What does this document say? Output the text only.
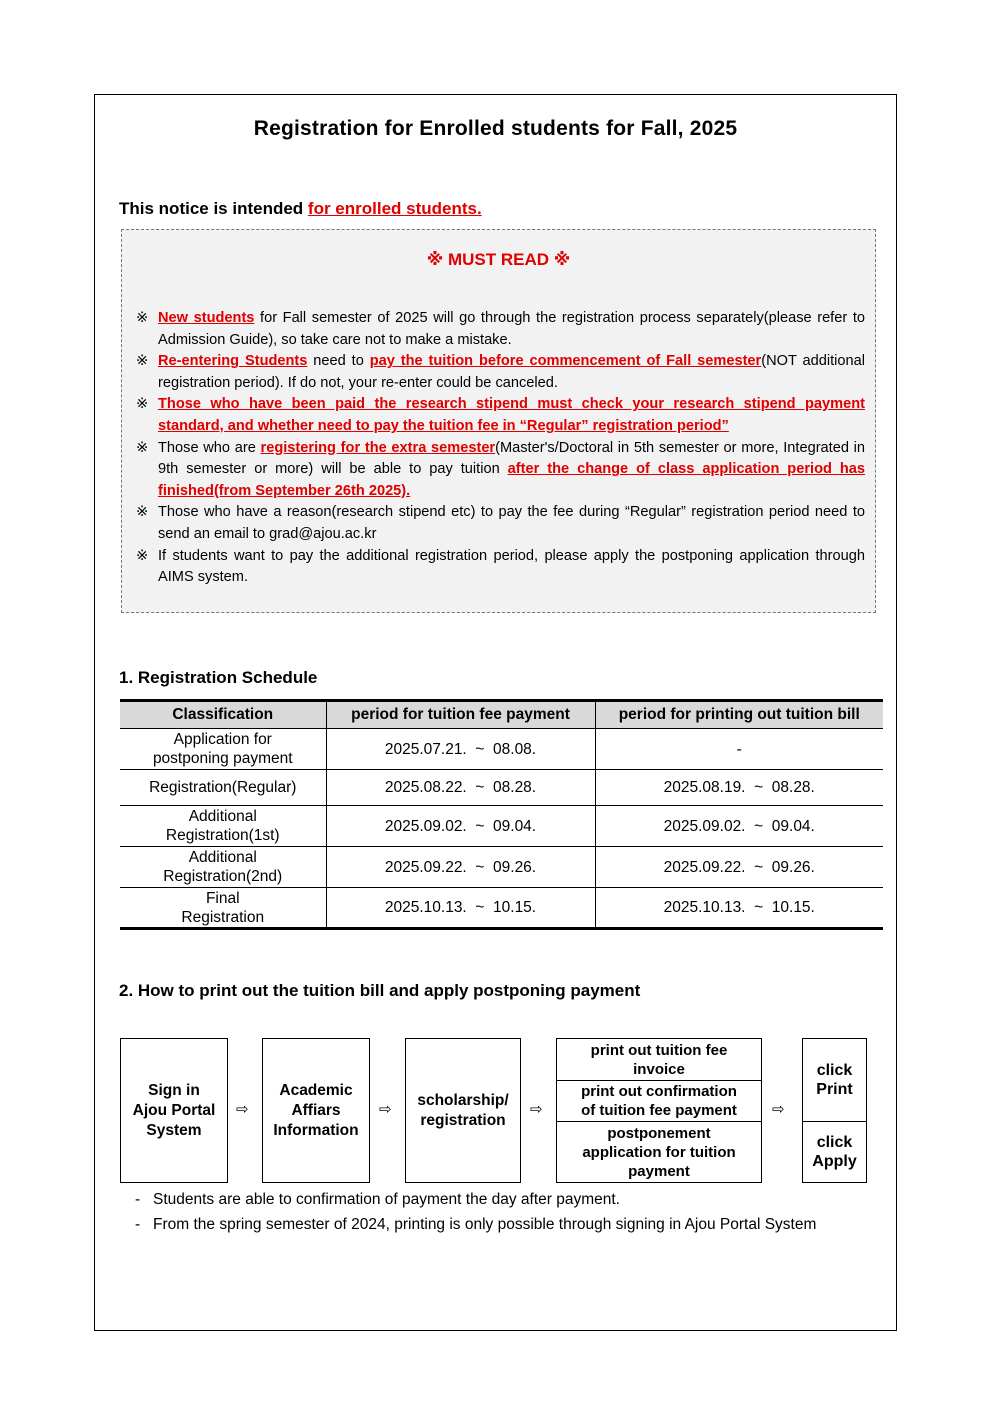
Registration for Enrolled students for Fall, 2025
This notice is intended for enrolled students.
※ MUST READ ※
※ New students for Fall semester of 2025 will go through the registration process separately(please refer to Admission Guide), so take care not to make a mistake.
※ Re-entering Students need to pay the tuition before commencement of Fall semester(NOT additional registration period). If do not, your re-enter could be canceled.
※ Those who have been paid the research stipend must check your research stipend payment standard, and whether need to pay the tuition fee in “Regular” registration period”
※ Those who are registering for the extra semester(Master's/Doctoral in 5th semester or more, Integrated in 9th semester or more) will be able to pay tuition after the change of class application period has finished(from September 26th 2025).
※ Those who have a reason(research stipend etc) to pay the fee during “Regular” registration period need to send an email to grad@ajou.ac.kr
※ If students want to pay the additional registration period, please apply the postponing application through AIMS system.
1. Registration Schedule
Classification	period for tuition fee payment	period for printing out tuition bill

Application for
postponing payment	2025.07.21.  ~  08.08.	-
Registration(Regular)	2025.08.22.  ~  08.28.	2025.08.19.  ~  08.28.

Additional
Registration(1st)	2025.09.02.  ~  09.04.	2025.09.02.  ~  09.04.

Additional
Registration(2nd)	2025.09.22.  ~  09.26.	2025.09.22.  ~  09.26.

Final
Registration	2025.10.13.  ~  10.15.	2025.10.13.  ~  10.15.
2. How to print out the tuition bill and apply postponing payment
Sign in
Ajou Portal
System
⇨
Academic
Affiars
Information
⇨
scholarship/
registration
⇨
print out tuition fee
invoice
print out confirmation
of tuition fee payment
postponement
application for tuition
payment
⇨
click
Print
click
Apply
- Students are able to confirmation of payment the day after payment.
- From the spring semester of 2024, printing is only possible through signing in Ajou Portal System
